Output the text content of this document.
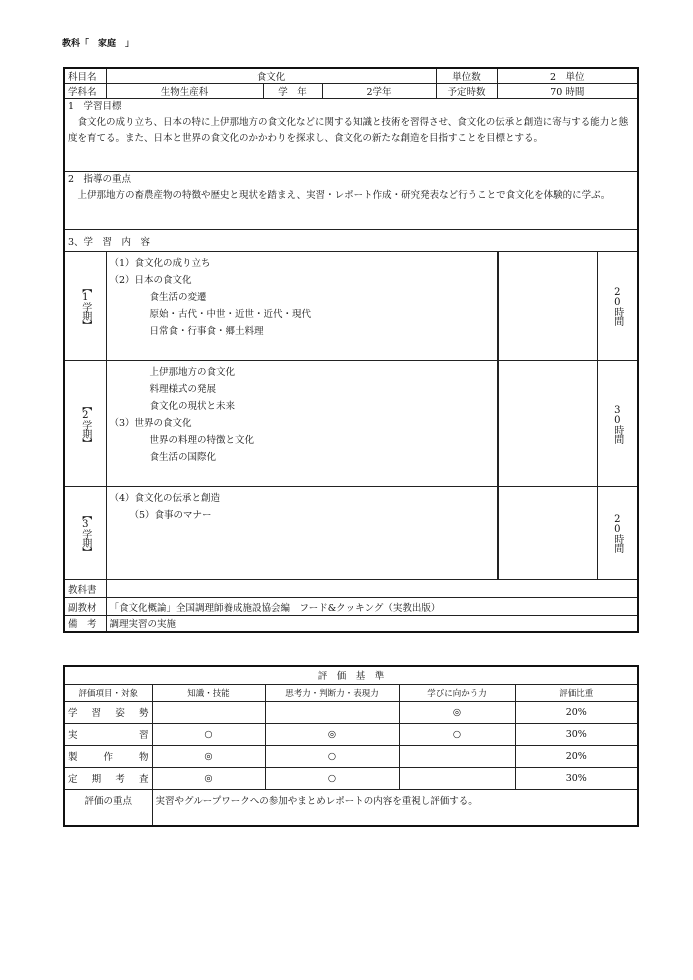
教科「　家庭　」
科目名	食文化	単位数	2　単位
学科名	生物生産科	学　年	2学年	予定時数	70 時間

1　学習目標
　食文化の成り立ち、日本の特に上伊那地方の食文化などに関する知識と技術を習得させ、食文化の伝承と創造に寄与する能力と態度を育てる。また、日本と世界の食文化のかかわりを探求し、食文化の新たな創造を目指すことを目標とする。

2　指導の重点
　上伊那地方の畜農産物の特徴や歴史と現状を踏まえ、実習・レポート作成・研究発表など行うことで食文化を体験的に学ぶ。

3、学　習　内　容
【1学期】	
（1）食文化の成り立ち
（2）日本の食文化
食生活の変遷
原始・古代・中世・近世・近代・現代
日常食・行事食・郷土料理

	20時間

【2学期】	
上伊那地方の食文化
料理様式の発展
食文化の現状と未来
（3）世界の食文化
世界の料理の特徴と文化
食生活の国際化

	30時間

【3学期】	
（4）食文化の伝承と創造
（5）食事のマナー

		20時間

教科書	
副教材	「食文化概論」全国調理師養成施設協会編　フード&クッキング（実教出版）
備　考	調理実習の実施
評　価　基　準				
評価項目・対象	知識・技能	思考力・判断力・表現力	学びに向かう力	評価比重
学　習　姿　勢			◎	20%
実　　　　　習	○	◎	○	30%
製　　作　　物	◎	○		20%
定　期　考　査	◎	○		30%
評価の重点	実習やグループワークへの参加やまとめレポートの内容を重視し評価する。			
